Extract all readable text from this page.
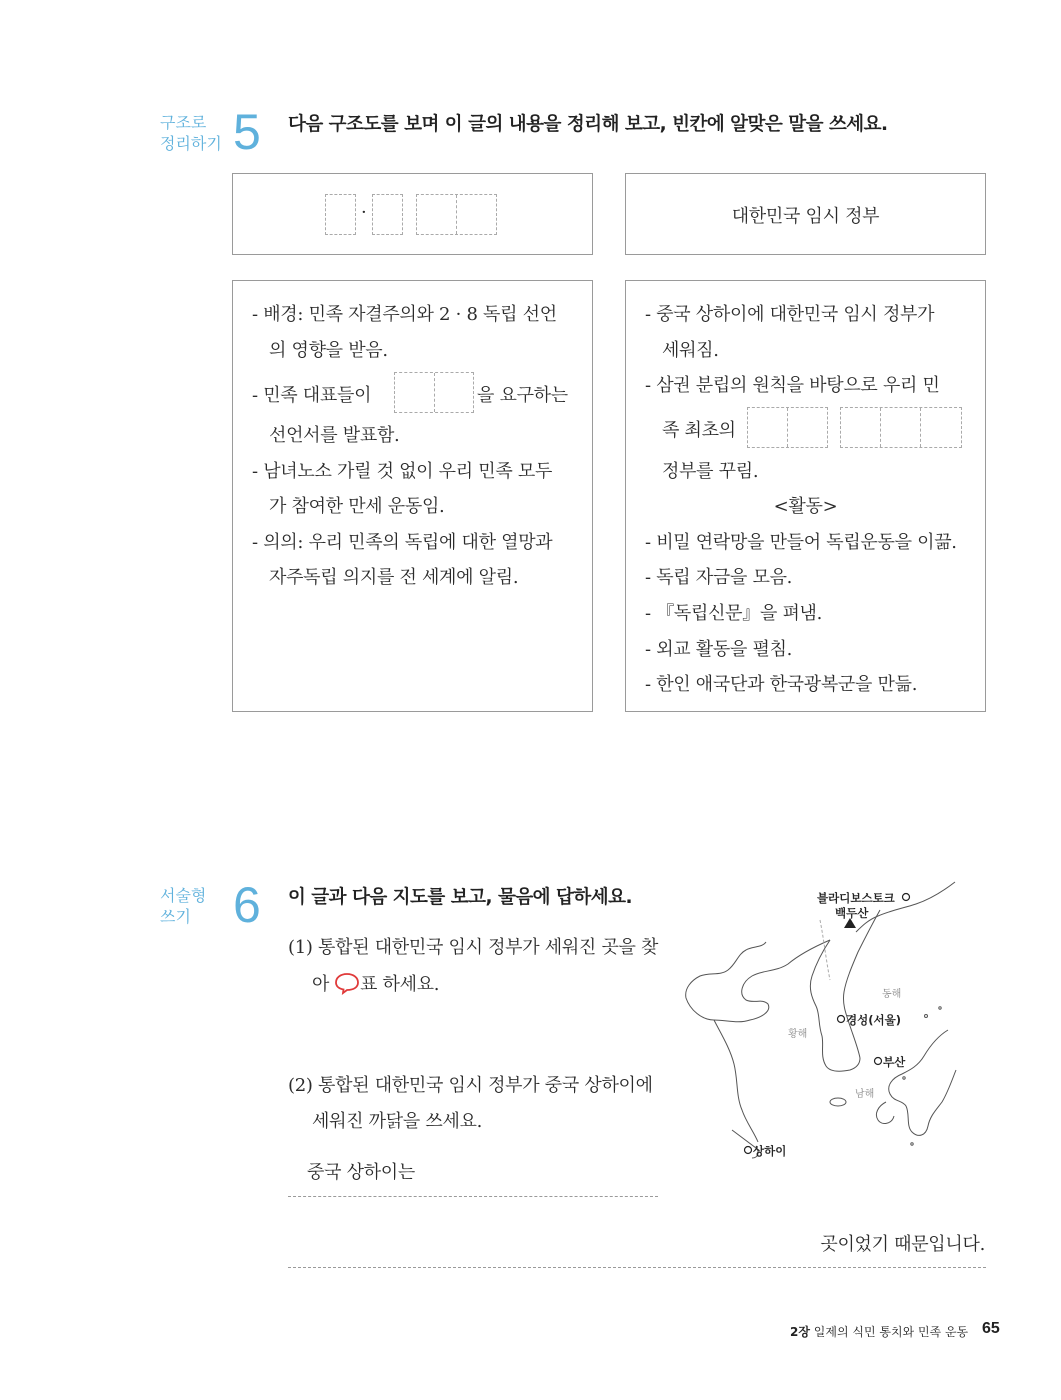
구조로
정리하기 5 다음 구조도를 보며 이 글의 내용을 정리해 보고, 빈칸에 알맞은 말을 쓰세요.
·	대한민국 임시 정부
- 배경: 민족 자결주의와 2 · 8 독립 선언
의 영향을 받음.
- 민족 대표들이	을 요구하는
선언서를 발표함.
- 남녀노소 가릴 것 없이 우리 민족 모두
가 참여한 만세 운동임.
- 의의: 우리 민족의 독립에 대한 열망과
자주독립 의지를 전 세계에 알림.
- 중국 상하이에 대한민국 임시 정부가
세워짐.
- 삼권 분립의 원칙을 바탕으로 우리 민
족 최초의
정부를 꾸림.
<활동>
- 비밀 연락망을 만들어 독립운동을 이끎.
- 독립 자금을 모음.
- 『독립신문』을 펴냄.
- 외교 활동을 펼침.
- 한인 애국단과 한국광복군을 만듦.
서술형
쓰기 6 이 글과 다음 지도를 보고, 물음에 답하세요.
(1) 통합된 대한민국 임시 정부가 세워진 곳을 찾
아 ○ 표 하세요.
(2) 통합된 대한민국 임시 정부가 중국 상하이에
세워진 까닭을 쓰세요.
중국 상하이는
곳이었기 때문입니다.
블라디보스토크
백두산
동해
황해
남해
경성(서울)
부산
상하이
2장 일제의 식민 통치와 민족 운동 65
